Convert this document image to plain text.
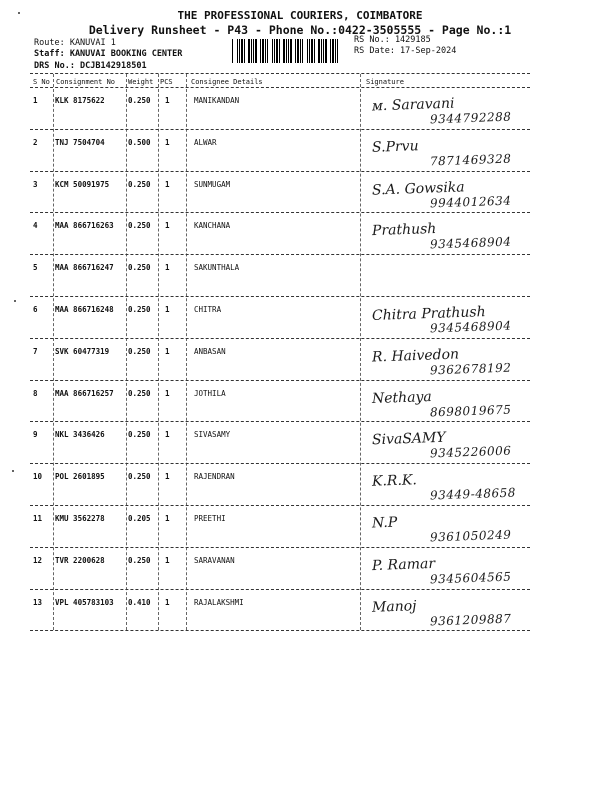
THE PROFESSIONAL COURIERS, COIMBATORE
Delivery Runsheet - P43 - Phone No.:0422-3505555 - Page No.:1
Route: KANUVAI 1
Staff: KANUVAI BOOKING CENTER
DRS No.: DCJB142918501
RS No.: 1429185
RS Date: 17-Sep-2024
S No Consignment No Weight PCS	Consignee Details	Signature
1 KLK 8175622	0.250 1	MANIKANDAN	ᴍ. Saravani
9344792288
2 TNJ 7504704	0.500 1	ALWAR	S.Prvu
7871469328
3 KCM 50091975	0.250 1	SUNMUGAM	S.A. Gowsika
9944012634
4 MAA 866716263 0.250 1	KANCHANA	Prathush
9345468904
5 MAA 866716247 0.250 1	SAKUNTHALA
6 MAA 866716248 0.250 1	CHITRA	Chitra Prathush
9345468904
7 SVK 60477319	0.250 1	ANBASAN	R. Haivedon
9362678192
8 MAA 866716257 0.250 1	JOTHILA	Nethaya
8698019675
9 NKL 3436426	0.250 1	SIVASAMY	SivaSAMY
9345226006
10 POL 2601895	0.250 1	RAJENDRAN	K.R.K.
93449-48658
11 KMU 3562278	0.205 1	PREETHI	N.P
9361050249
12 TVR 2200628	0.250 1	SARAVANAN	P. Ramar
9345604565
13 VPL 405783103 0.410 1	RAJALAKSHMI	Manoj
9361209887
